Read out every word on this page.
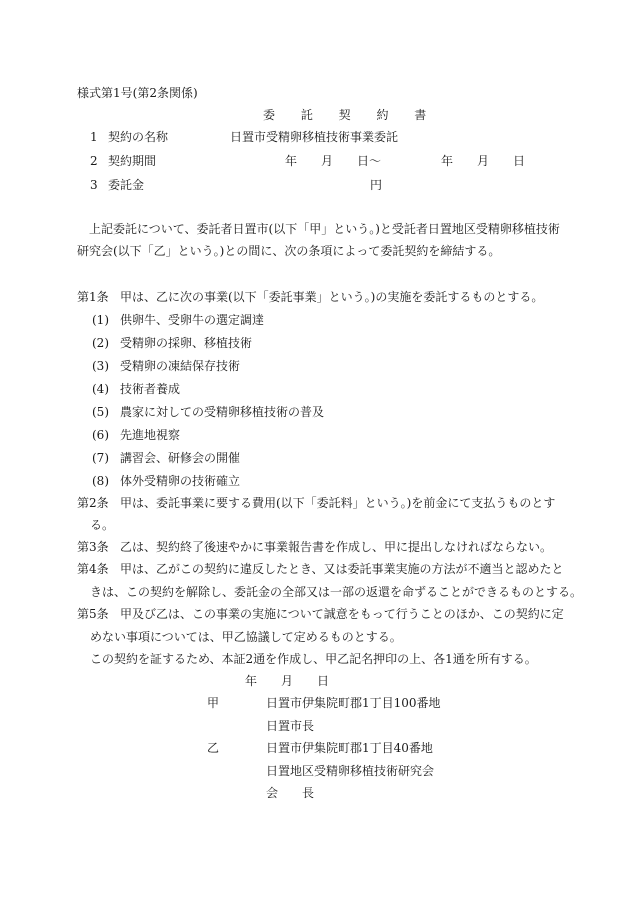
様式第1号(第2条関係)
委 託 契 約 書
1 契約の名称	日置市受精卵移植技術事業委託
2 契約期間	年　　月　　日〜　　　　　年　　月　　日
3 委託金	円
　上記委託について、委託者日置市(以下「甲」という。)と受託者日置地区受精卵移植技術
研究会(以下「乙」という。)との間に、次の条項によって委託契約を締結する。
第1条 甲は、乙に次の事業(以下「委託事業」という。)の実施を委託するものとする。
(1) 供卵牛、受卵牛の選定調達
(2) 受精卵の採卵、移植技術
(3) 受精卵の凍結保存技術
(4) 技術者養成
(5) 農家に対しての受精卵移植技術の普及
(6) 先進地視察
(7) 講習会、研修会の開催
(8) 体外受精卵の技術確立
第2条 甲は、委託事業に要する費用(以下「委託料」という。)を前金にて支払うものとす
る。
第3条 乙は、契約終了後速やかに事業報告書を作成し、甲に提出しなければならない。
第4条 甲は、乙がこの契約に違反したとき、又は委託事業実施の方法が不適当と認めたと
きは、この契約を解除し、委託金の全部又は一部の返還を命ずることができるものとする。
第5条 甲及び乙は、この事業の実施について誠意をもって行うことのほか、この契約に定
めない事項については、甲乙協議して定めるものとする。
この契約を証するため、本証2通を作成し、甲乙記名押印の上、各1通を所有する。
年　　月　　日
甲	日置市伊集院町郡1丁目100番地
日置市長
乙	日置市伊集院町郡1丁目40番地
日置地区受精卵移植技術研究会
会　　長
